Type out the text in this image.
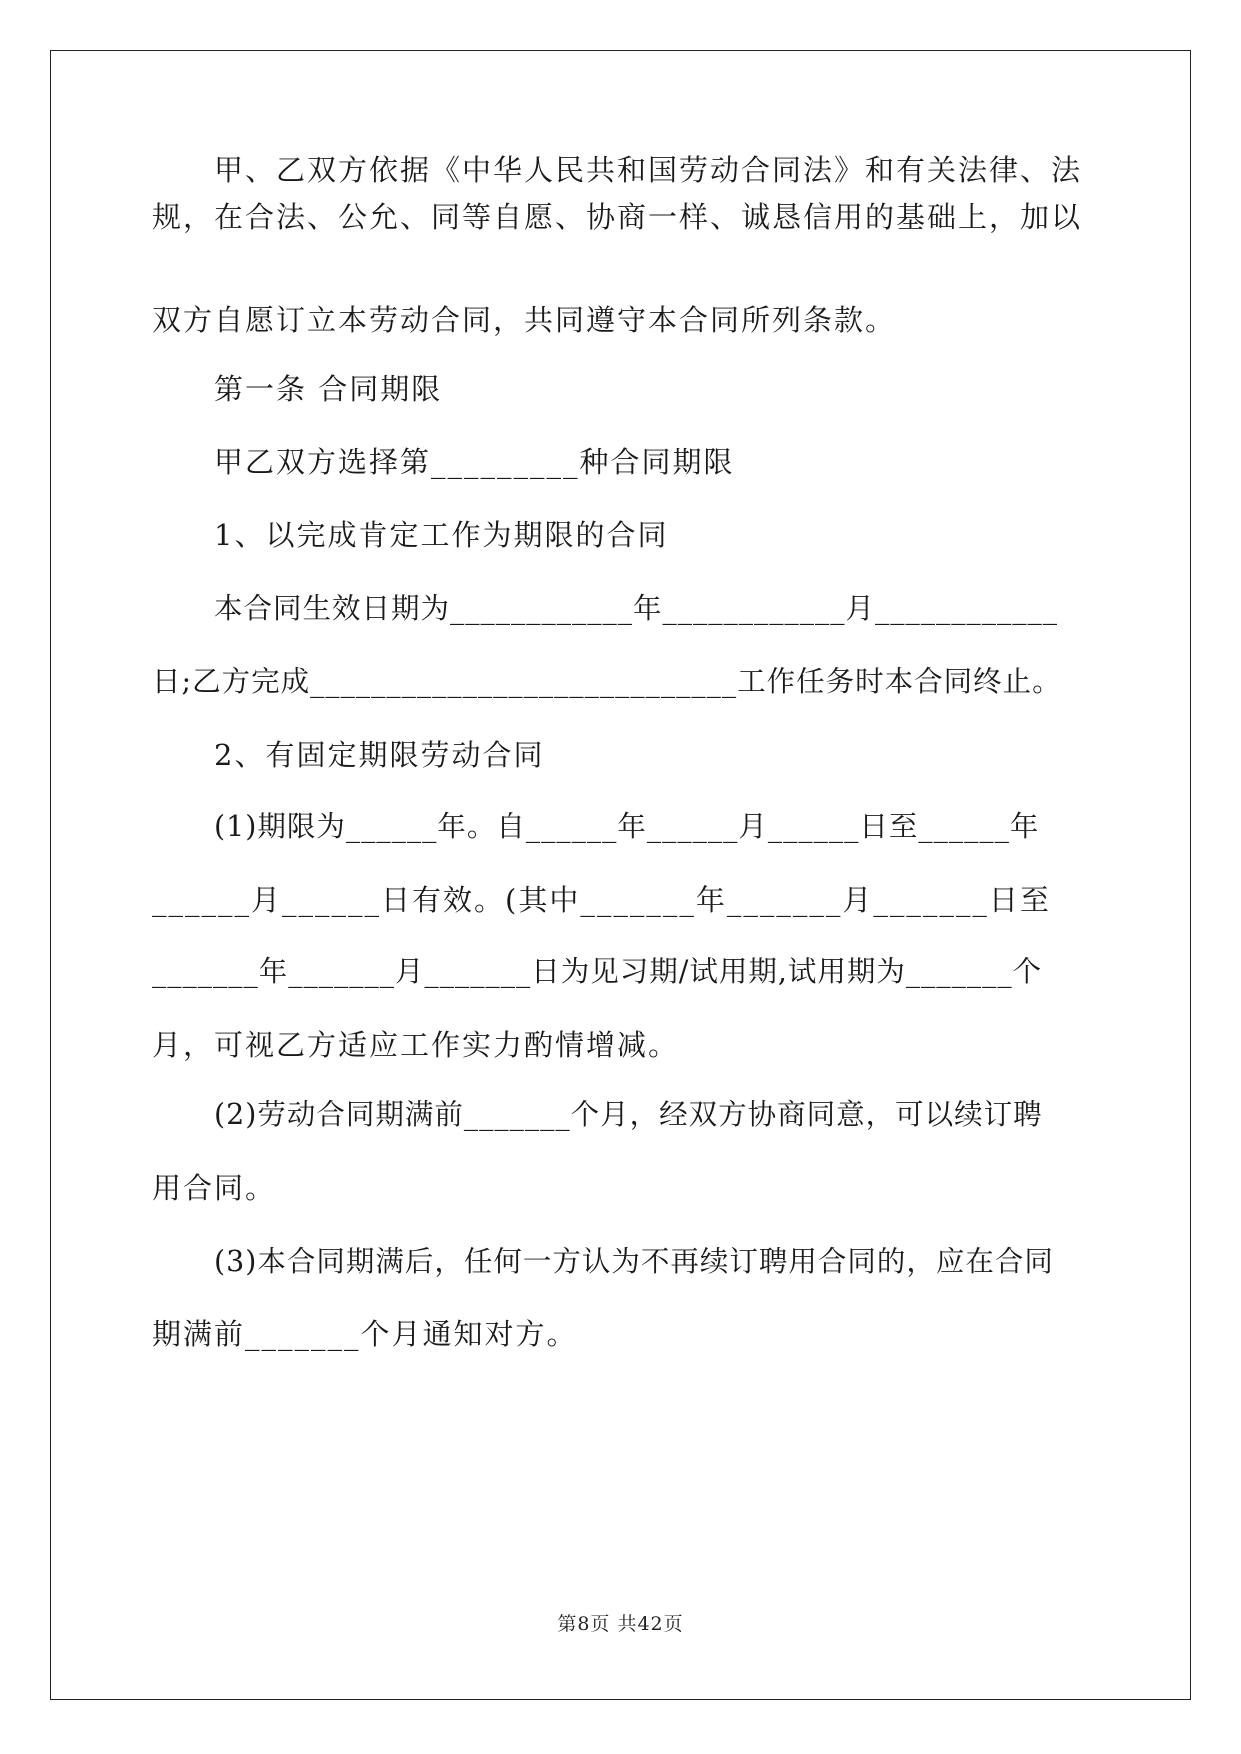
甲、乙双方依据《中华人民共和国劳动合同法》和有关法律、法
规，在合法、公允、同等自愿、协商一样、诚恳信用的基础上，加以
双方自愿订立本劳动合同，共同遵守本合同所列条款。
第一条 合同期限
甲乙双方选择第_________种合同期限
1、以完成肯定工作为期限的合同
本合同生效日期为____________年____________月____________
日;乙方完成____________________________工作任务时本合同终止。
2、有固定期限劳动合同
(1)期限为______年。自______年______月______日至______年
______月______日有效。(其中_______年_______月_______日至
_______年_______月_______日为见习期/试用期,试用期为_______个
月，可视乙方适应工作实力酌情增减。
(2)劳动合同期满前_______个月，经双方协商同意，可以续订聘
用合同。
(3)本合同期满后，任何一方认为不再续订聘用合同的，应在合同
期满前_______个月通知对方。
第8页 共42页
